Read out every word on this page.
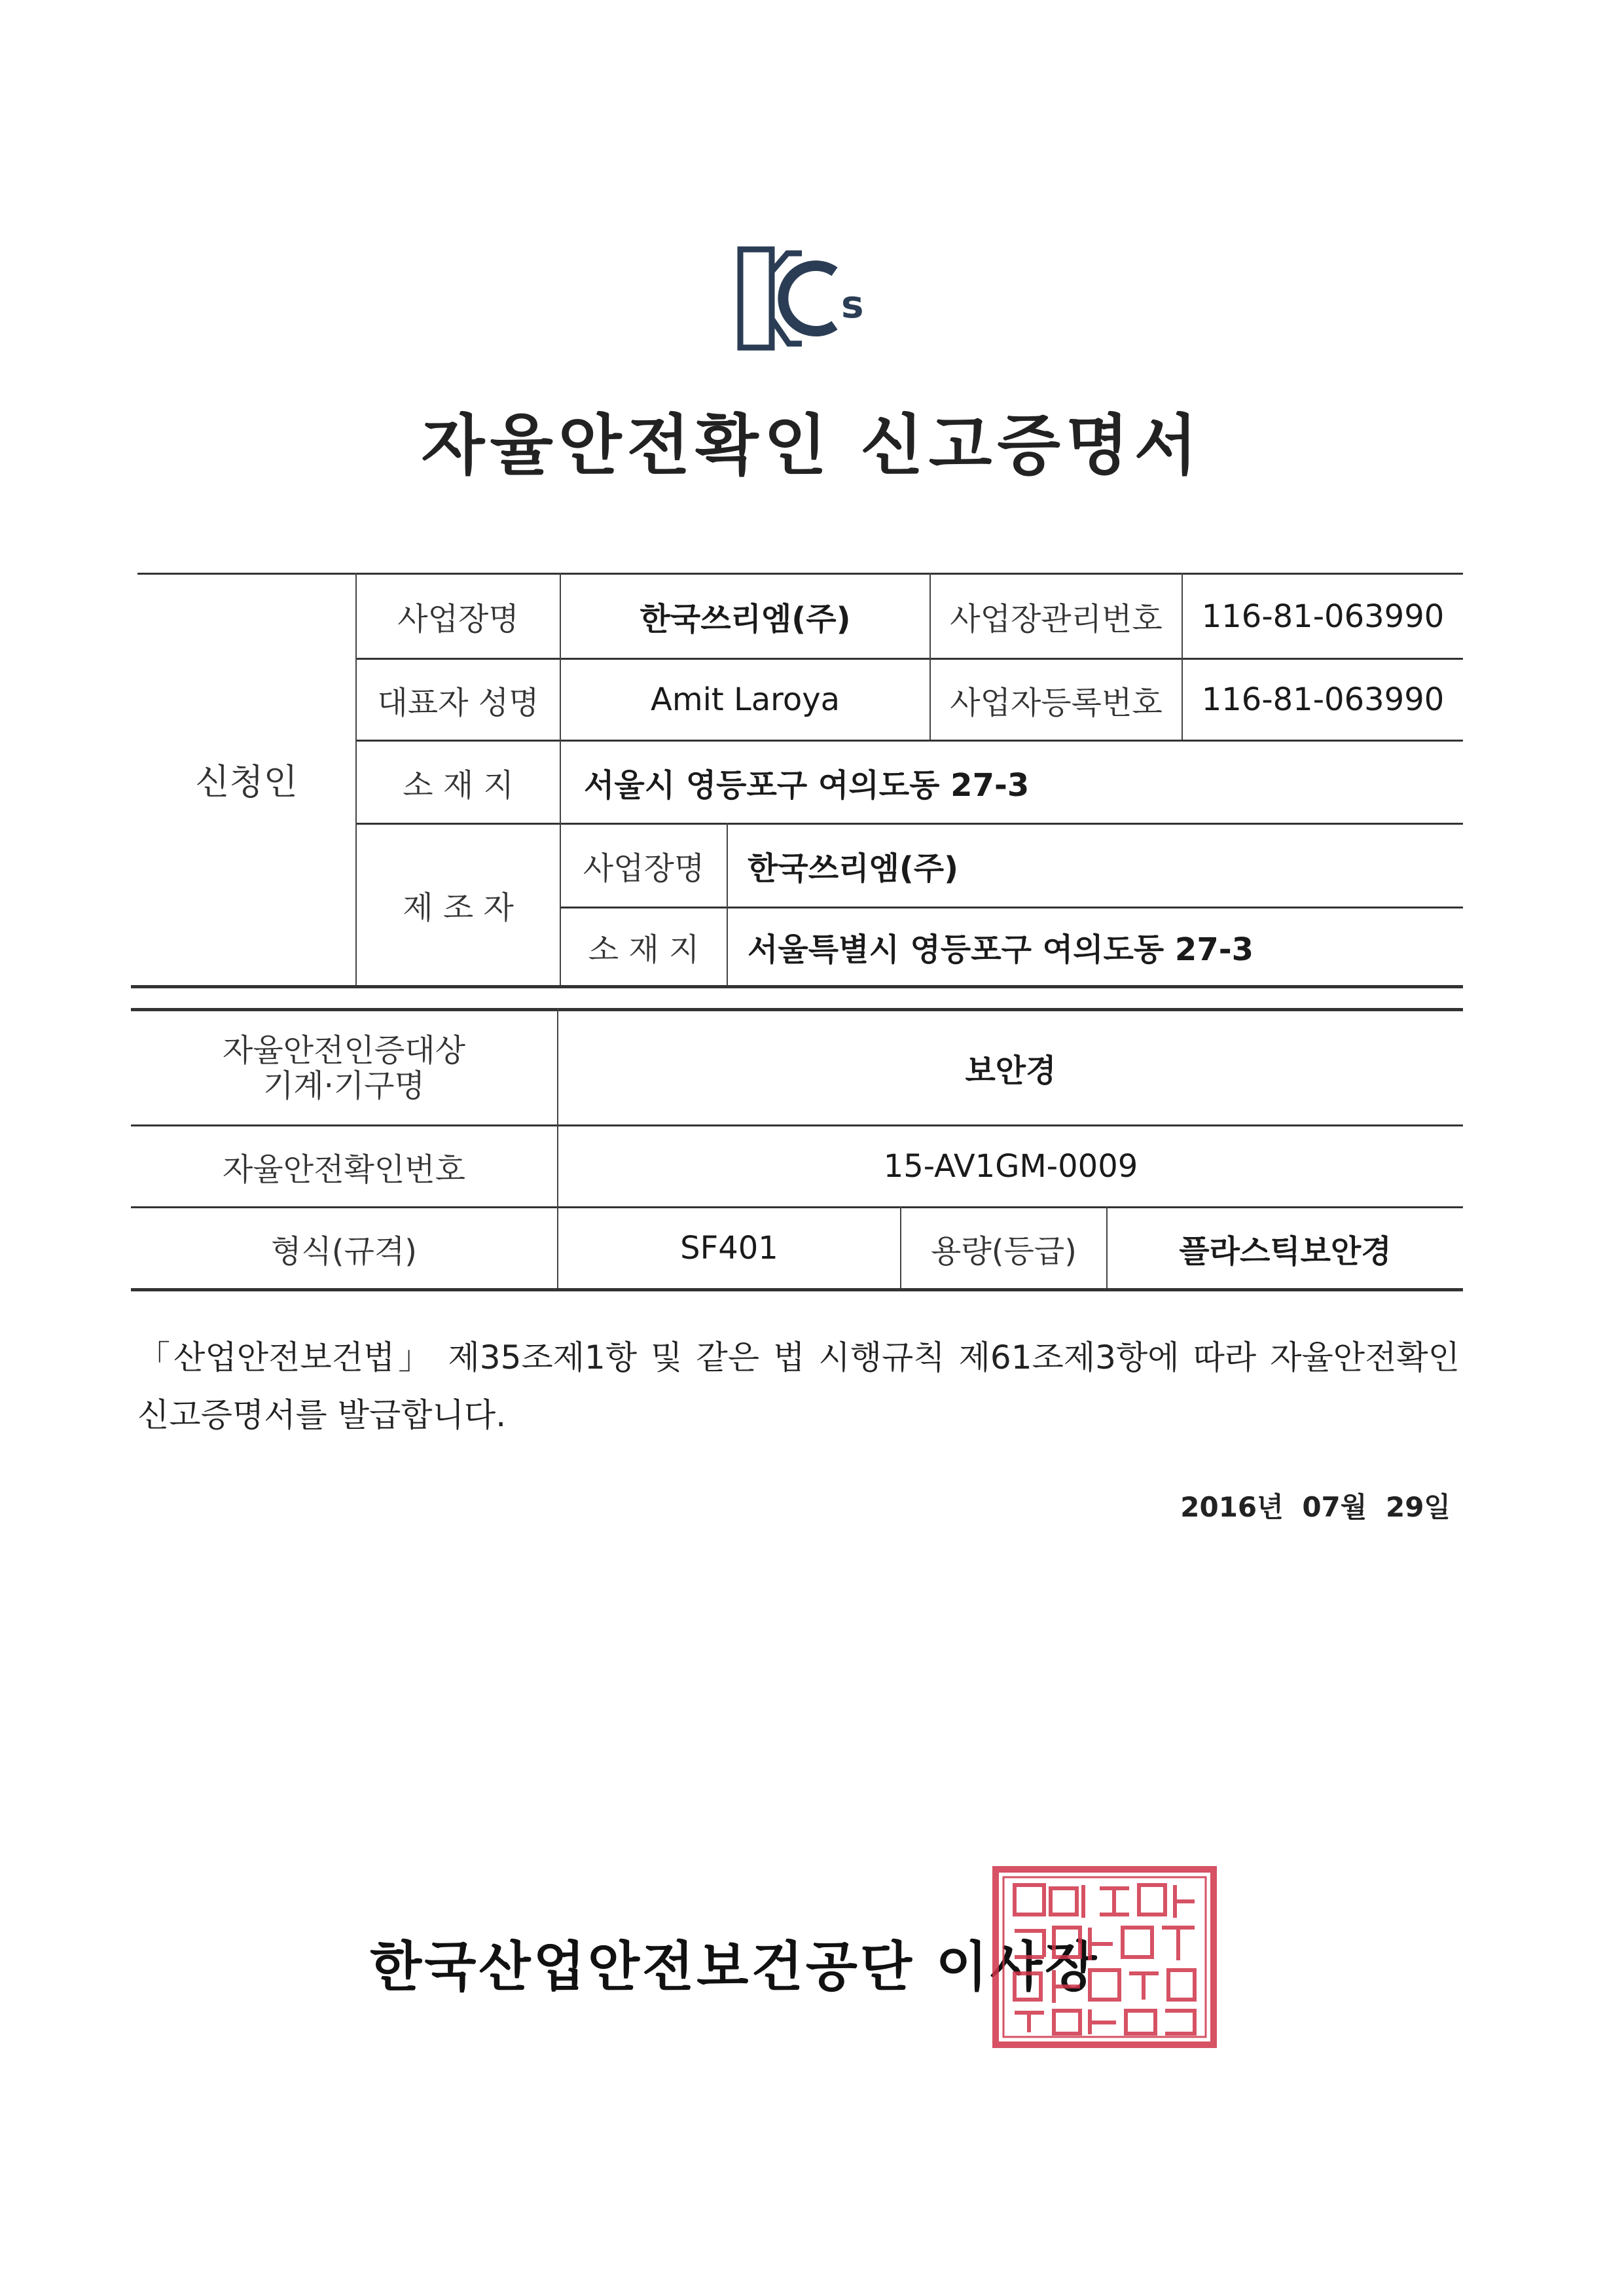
s
자율안전확인 신고증명서
신청인
사업장명	한국쓰리엠(주)	사업장관리번호	116-81-063990
대표자 성명	Amit Laroya	사업자등록번호	116-81-063990
소 재 지	서울시 영등포구 여의도동 27-3
제 조 자
사업장명	한국쓰리엠(주)
소 재 지	서울특별시 영등포구 여의도동 27-3
자율안전인증대상
기계·기구명	보안경
자율안전확인번호	15-AV1GM-0009
형식(규격)	SF401	용량(등급)	플라스틱보안경
「산업안전보건법」 제35조제1항 및 같은 법 시행규칙 제61조제3항에 따라 자율안전확인 신고증명서를 발급합니다.
2016년 07월 29일
한국산업안전보건공단 이사장
